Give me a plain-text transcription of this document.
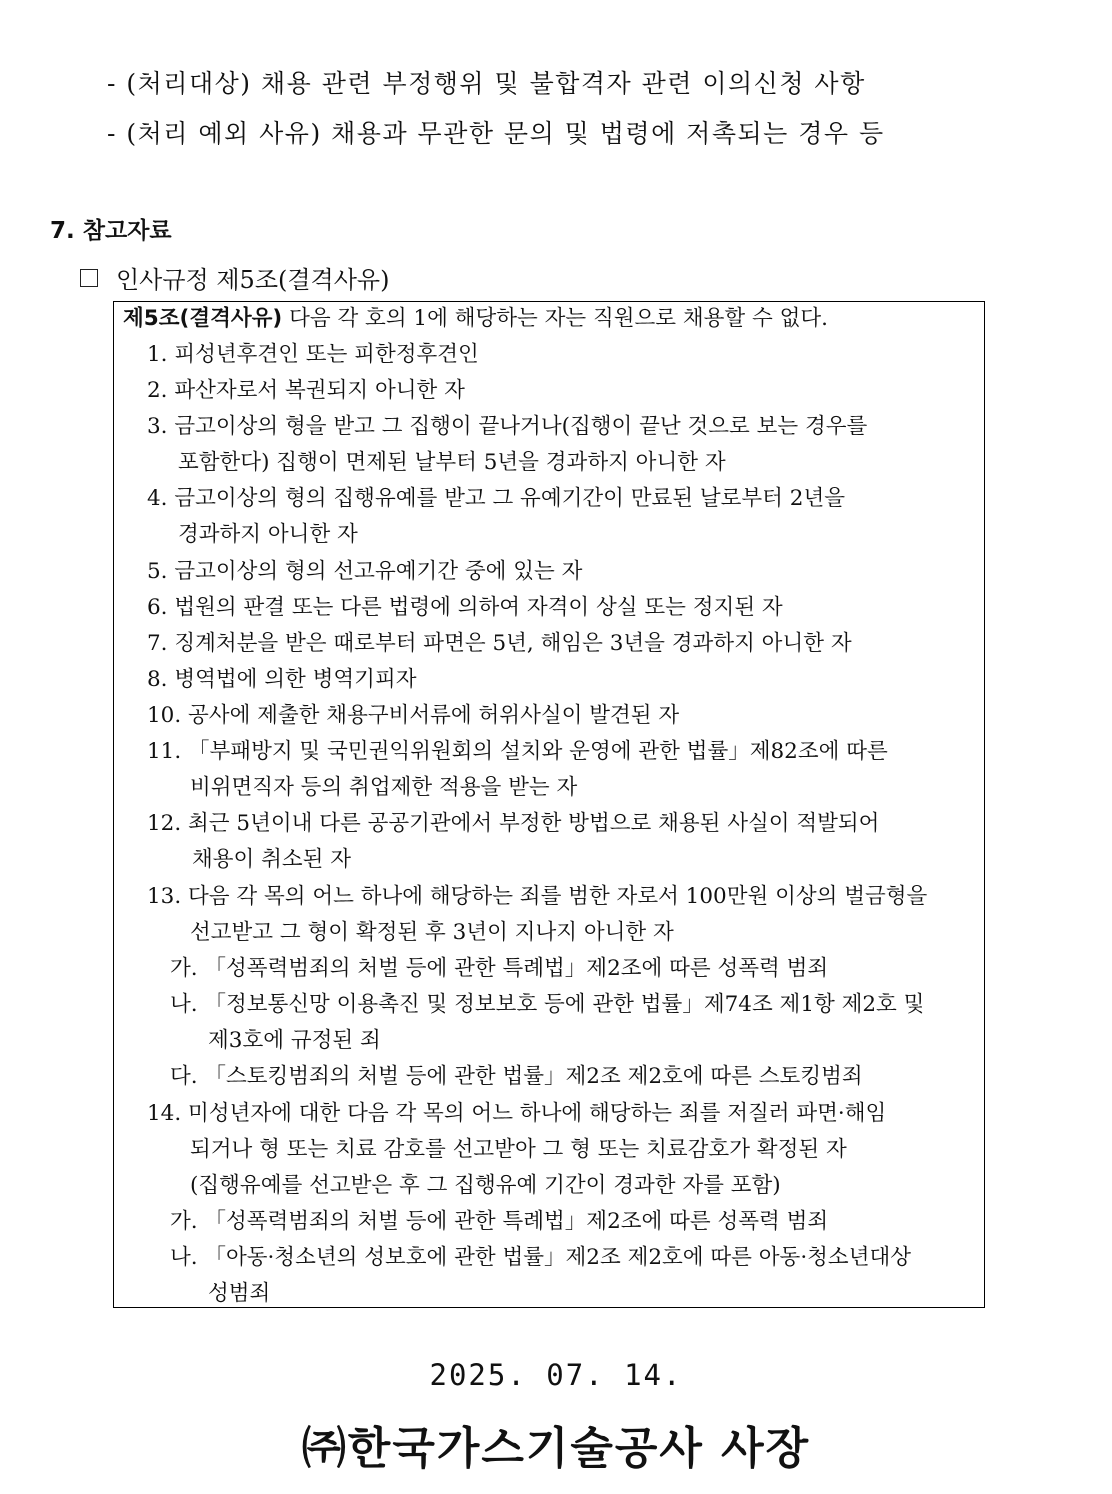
- (처리대상) 채용 관련 부정행위 및 불합격자 관련 이의신청 사항
- (처리 예외 사유) 채용과 무관한 문의 및 법령에 저촉되는 경우 등
7. 참고자료
인사규정 제5조(결격사유)
제5조(결격사유) 다음 각 호의 1에 해당하는 자는 직원으로 채용할 수 없다.
1. 피성년후견인 또는 피한정후견인
2. 파산자로서 복권되지 아니한 자
3. 금고이상의 형을 받고 그 집행이 끝나거나(집행이 끝난 것으로 보는 경우를
포함한다) 집행이 면제된 날부터 5년을 경과하지 아니한 자
4. 금고이상의 형의 집행유예를 받고 그 유예기간이 만료된 날로부터 2년을
경과하지 아니한 자
5. 금고이상의 형의 선고유예기간 중에 있는 자
6. 법원의 판결 또는 다른 법령에 의하여 자격이 상실 또는 정지된 자
7. 징계처분을 받은 때로부터 파면은 5년, 해임은 3년을 경과하지 아니한 자
8. 병역법에 의한 병역기피자
10. 공사에 제출한 채용구비서류에 허위사실이 발견된 자
11. 「부패방지 및 국민권익위원회의 설치와 운영에 관한 법률」제82조에 따른
비위면직자 등의 취업제한 적용을 받는 자
12. 최근 5년이내 다른 공공기관에서 부정한 방법으로 채용된 사실이 적발되어
채용이 취소된 자
13. 다음 각 목의 어느 하나에 해당하는 죄를 범한 자로서 100만원 이상의 벌금형을
선고받고 그 형이 확정된 후 3년이 지나지 아니한 자
가. 「성폭력범죄의 처벌 등에 관한 특례법」제2조에 따른 성폭력 범죄
나. 「정보통신망 이용촉진 및 정보보호 등에 관한 법률」제74조 제1항 제2호 및
제3호에 규정된 죄
다. 「스토킹범죄의 처벌 등에 관한 법률」제2조 제2호에 따른 스토킹범죄
14. 미성년자에 대한 다음 각 목의 어느 하나에 해당하는 죄를 저질러 파면·해임
되거나 형 또는 치료 감호를 선고받아 그 형 또는 치료감호가 확정된 자
(집행유예를 선고받은 후 그 집행유예 기간이 경과한 자를 포함)
가. 「성폭력범죄의 처벌 등에 관한 특례법」제2조에 따른 성폭력 범죄
나. 「아동·청소년의 성보호에 관한 법률」제2조 제2호에 따른 아동·청소년대상
성범죄
2025. 07. 14.
㈜한국가스기술공사 사장
